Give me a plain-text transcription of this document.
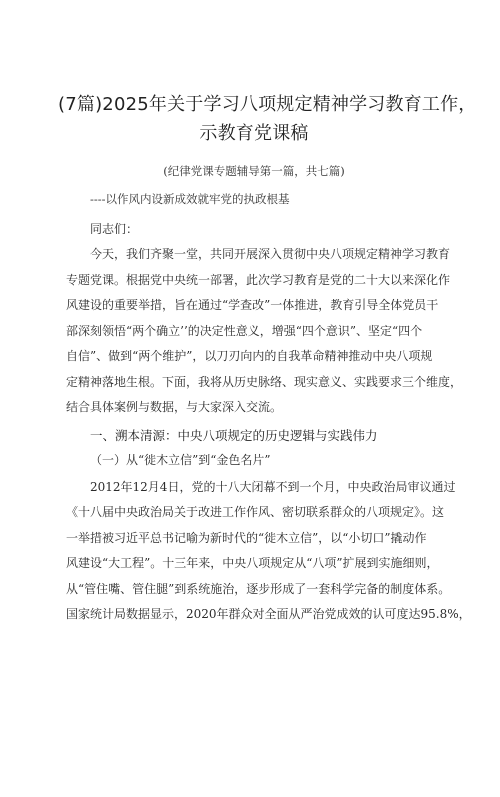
(7篇)2025年关于学习八项规定精神学习教育工作，
示教育党课稿
(纪律党课专题辅导第一篇，共七篇)
----以作风内设新成效就牢党的执政根基
同志们：
今天，我们齐聚一堂，共同开展深入贯彻中央八项规定精神学习教育
专题党课。根据党中央统一部署，此次学习教育是党的二十大以来深化作
风建设的重要举措，旨在通过“学查改”一体推进，教育引导全体党员干
部深刻领悟“两个确立’’的决定性意义，增强“四个意识”、坚定“四个
自信”、做到“两个维护”，以刀刃向内的自我革命精神推动中央八项规
定精神落地生根。下面，我将从历史脉络、现实意义、实践要求三个维度，
结合具体案例与数据，与大家深入交流。
一、溯本清源：中央八项规定的历史逻辑与实践伟力
（一）从“徙木立信”到“金色名片”
2012年12月4日，党的十八大闭幕不到一个月，中央政治局审议通过
《十八届中央政治局关于改进工作作风、密切联系群众的八项规定》。这
一举措被习近平总书记喻为新时代的“徙木立信”，以“小切口”撬动作
风建设“大工程”。十三年来，中央八项规定从“八项”扩展到实施细则，
从“管住嘴、管住腿”到系统施治，逐步形成了一套科学完备的制度体系。
国家统计局数据显示，2020年群众对全面从严治党成效的认可度达95.8%，
